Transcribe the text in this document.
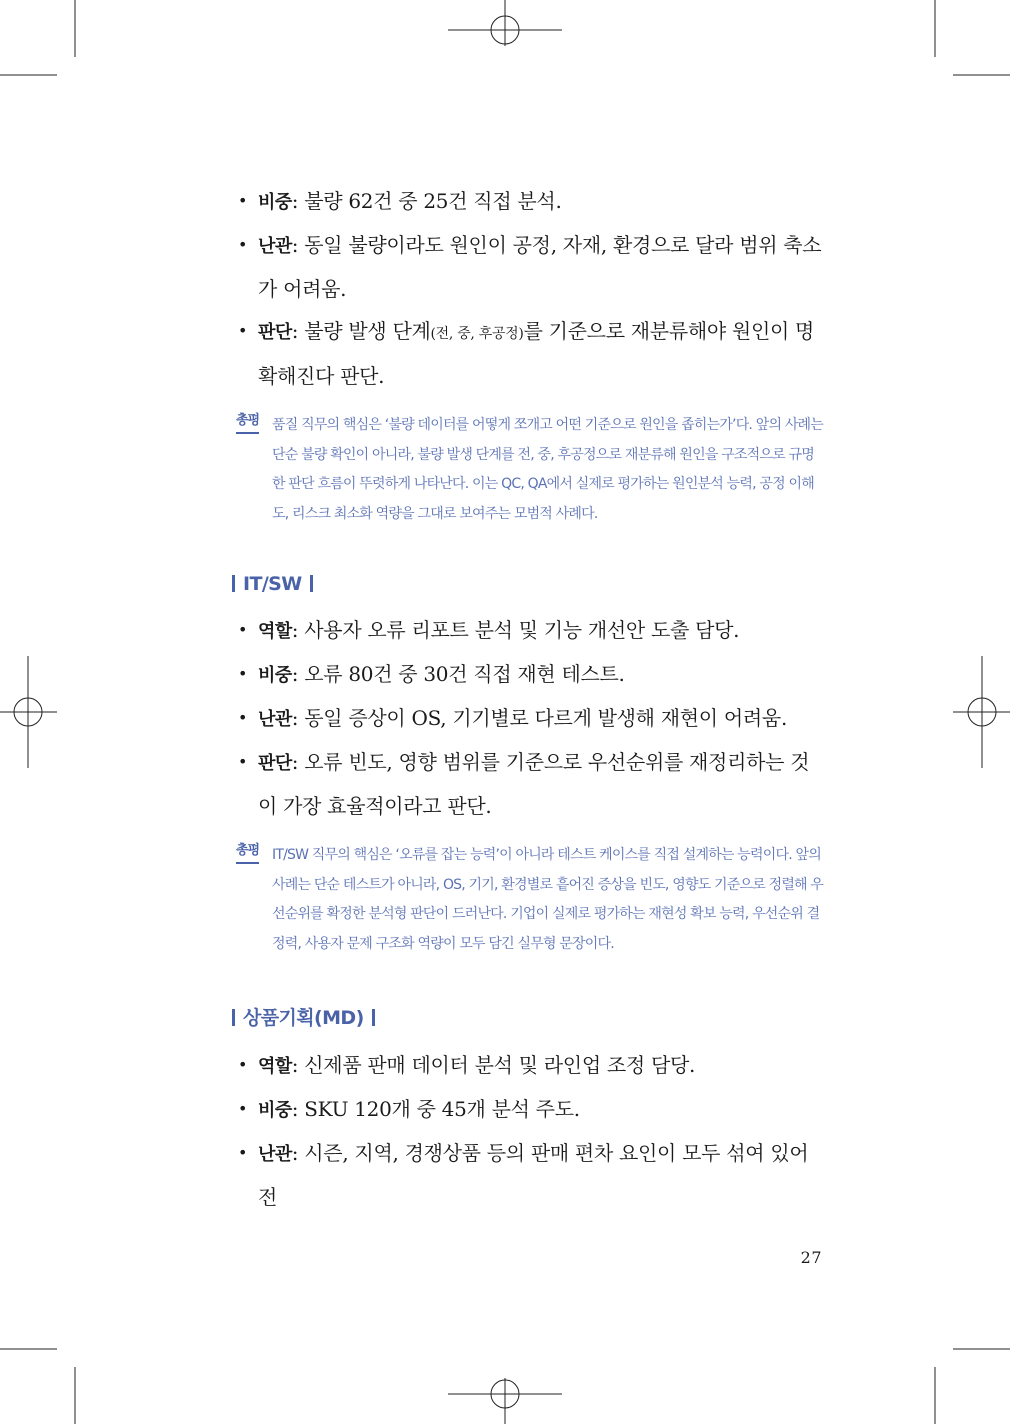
• 비중: 불량 62건 중 25건 직접 분석.
• 난관: 동일 불량이라도 원인이 공정, 자재, 환경으로 달라 범위 축소가 어려움.
• 판단: 불량 발생 단계(전, 중, 후공정)를 기준으로 재분류해야 원인이 명확해진다 판단.
총평 품질 직무의 핵심은 ‘불량 데이터를 어떻게 쪼개고 어떤 기준으로 원인을 좁히는가’다. 앞의 사례는 단순 불량 확인이 아니라, 불량 발생 단계를 전, 중, 후공정으로 재분류해 원인을 구조적으로 규명한 판단 흐름이 뚜렷하게 나타난다. 이는 QC, QA에서 실제로 평가하는 원인분석 능력, 공정 이해도, 리스크 최소화 역량을 그대로 보여주는 모범적 사례다.
IT/SW
• 역할: 사용자 오류 리포트 분석 및 기능 개선안 도출 담당.
• 비중: 오류 80건 중 30건 직접 재현 테스트.
• 난관: 동일 증상이 OS, 기기별로 다르게 발생해 재현이 어려움.
• 판단: 오류 빈도, 영향 범위를 기준으로 우선순위를 재정리하는 것이 가장 효율적이라고 판단.
총평 IT/SW 직무의 핵심은 ‘오류를 잡는 능력’이 아니라 테스트 케이스를 직접 설계하는 능력이다. 앞의 사례는 단순 테스트가 아니라, OS, 기기, 환경별로 흩어진 증상을 빈도, 영향도 기준으로 정렬해 우선순위를 확정한 분석형 판단이 드러난다. 기업이 실제로 평가하는 재현성 확보 능력, 우선순위 결정력, 사용자 문제 구조화 역량이 모두 담긴 실무형 문장이다.
상품기획(MD)
• 역할: 신제품 판매 데이터 분석 및 라인업 조정 담당.
• 비중: SKU 120개 중 45개 분석 주도.
• 난관: 시즌, 지역, 경쟁상품 등의 판매 편차 요인이 모두 섞여 있어 전
27
